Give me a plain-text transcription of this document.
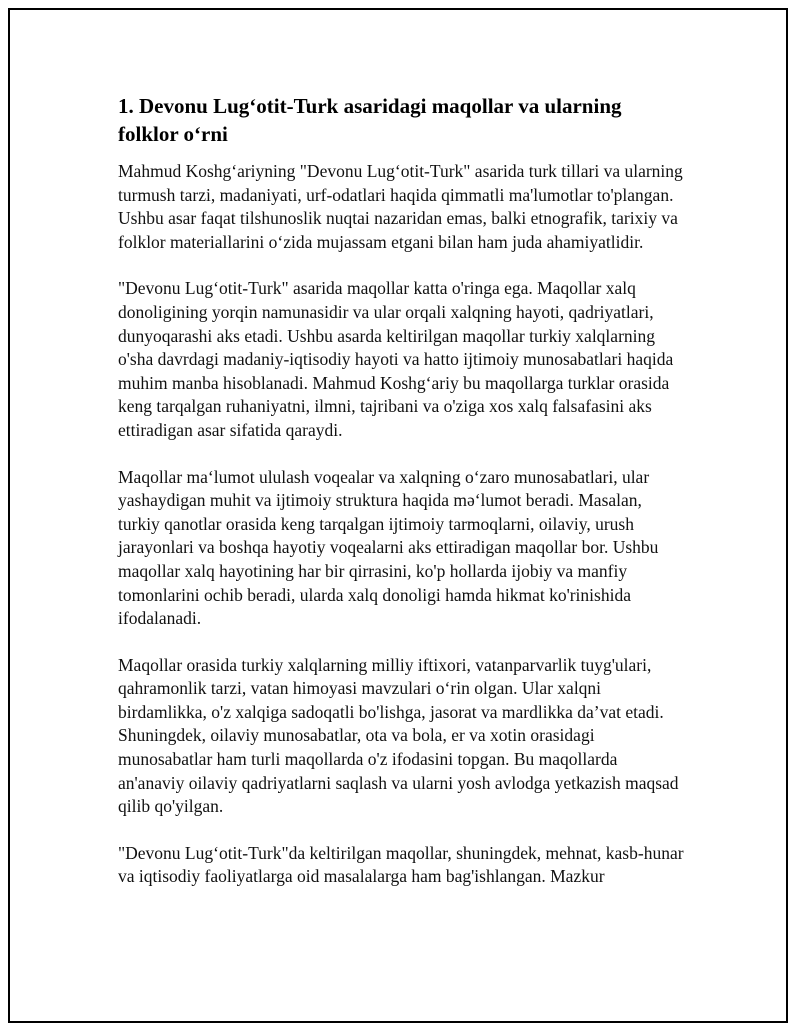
1. Devonu Lug‘otit-Turk asaridagi maqollar va ularning
folklor o‘rni

Mahmud Koshg‘ariyning "Devonu Lug‘otit-Turk" asarida turk tillari va ularning turmush tarzi, madaniyati, urf-odatlari haqida qimmatli ma'lumotlar to'plangan. Ushbu asar faqat tilshunoslik nuqtai nazaridan emas, balki etnografik, tarixiy va folklor materiallarini o‘zida mujassam etgani bilan ham juda ahamiyatlidir.

"Devonu Lug‘otit-Turk" asarida maqollar katta o'ringa ega. Maqollar xalq donoligining yorqin namunasidir va ular orqali xalqning hayoti, qadriyatlari, dunyoqarashi aks etadi. Ushbu asarda keltirilgan maqollar turkiy xalqlarning o'sha davrdagi madaniy-iqtisodiy hayoti va hatto ijtimoiy munosabatlari haqida muhim manba hisoblanadi. Mahmud Koshg‘ariy bu maqollarga turklar orasida keng tarqalgan ruhaniyatni, ilmni, tajribani va o'ziga xos xalq falsafasini aks ettiradigan asar sifatida qaraydi.

Maqollar ma‘lumot ululash voqealar va xalqning o‘zaro munosabatlari, ular yashaydigan muhit va ijtimoiy struktura haqida mə‘lumot beradi. Masalan, turkiy qanotlar orasida keng tarqalgan ijtimoiy tarmoqlarni, oilaviy, urush jarayonlari va boshqa hayotiy voqealarni aks ettiradigan maqollar bor. Ushbu maqollar xalq hayotining har bir qirrasini, ko'p hollarda ijobiy va manfiy tomonlarini ochib beradi, ularda xalq donoligi hamda hikmat ko'rinishida ifodalanadi.

Maqollar orasida turkiy xalqlarning milliy iftixori, vatanparvarlik tuyg'ulari, qahramonlik tarzi, vatan himoyasi mavzulari o‘rin olgan. Ular xalqni birdamlikka, o'z xalqiga sadoqatli bo'lishga, jasorat va mardlikka da’vat etadi. Shuningdek, oilaviy munosabatlar, ota va bola, er va xotin orasidagi munosabatlar ham turli maqollarda o'z ifodasini topgan. Bu maqollarda an'anaviy oilaviy qadriyatlarni saqlash va ularni yosh avlodga yetkazish maqsad qilib qo'yilgan.

"Devonu Lug‘otit-Turk"da keltirilgan maqollar, shuningdek, mehnat, kasb-hunar va iqtisodiy faoliyatlarga oid masalalarga ham bag'ishlangan. Mazkur
